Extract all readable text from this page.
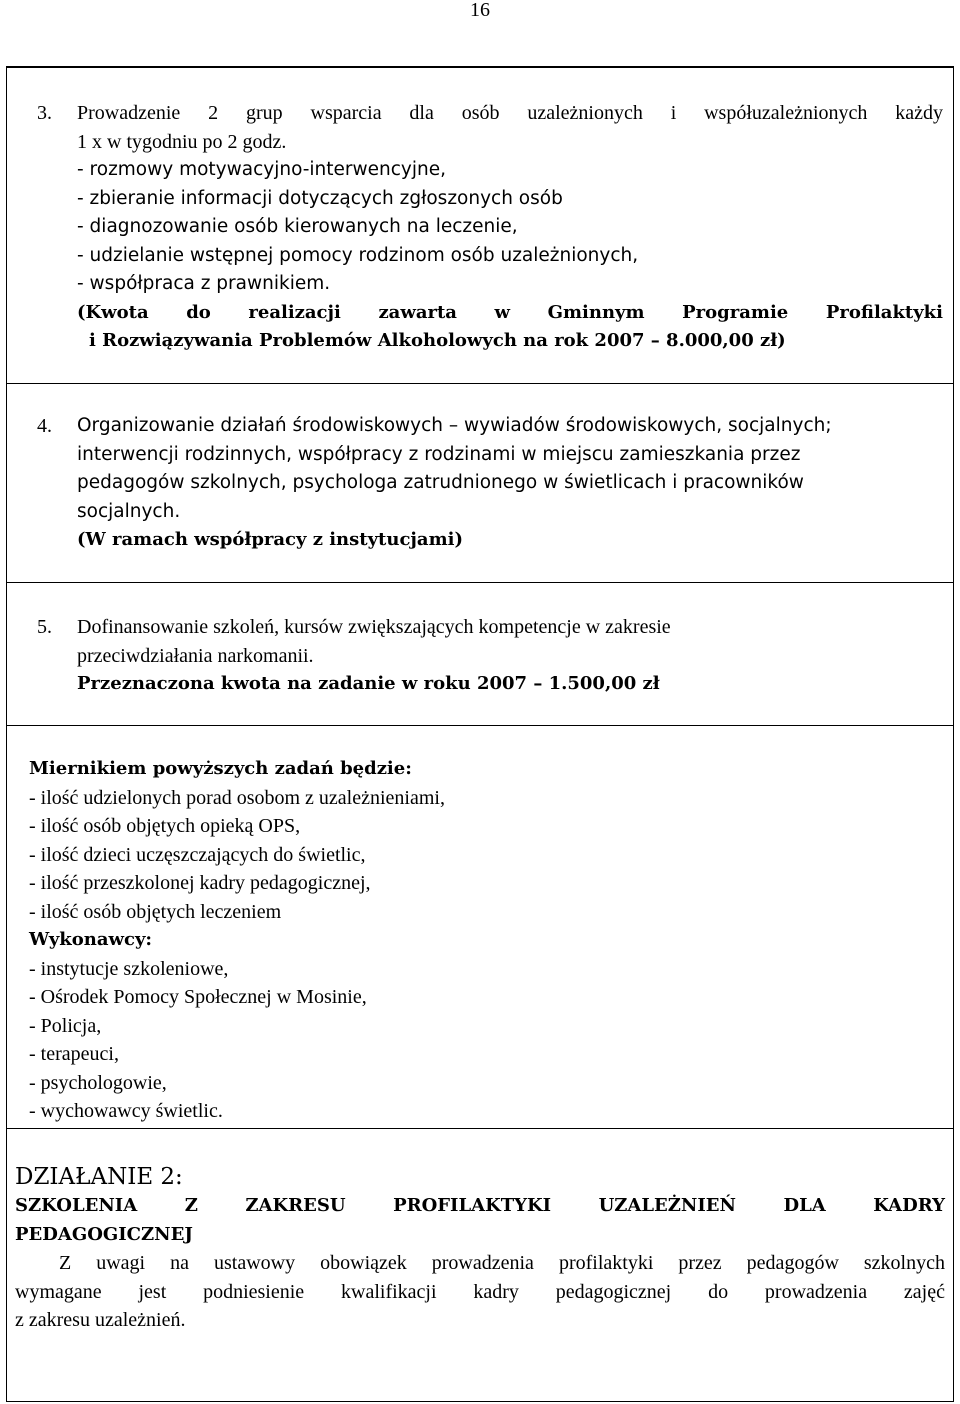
16
3. Prowadzenie 2 grup wsparcia dla osób uzależnionych i współuzależnionych każdy
1 x w tygodniu po 2 godz.
- rozmowy motywacyjno-interwencyjne,
- zbieranie informacji dotyczących zgłoszonych osób
- diagnozowanie osób kierowanych na leczenie,
- udzielanie wstępnej pomocy rodzinom osób uzależnionych,
- współpraca z prawnikiem.
(Kwota do realizacji zawarta w Gminnym Programie Profilaktyki
i Rozwiązywania Problemów Alkoholowych na rok 2007 – 8.000,00 zł)
4. Organizowanie działań środowiskowych – wywiadów środowiskowych, socjalnych;
interwencji rodzinnych, współpracy z rodzinami w miejscu zamieszkania przez
pedagogów szkolnych, psychologa zatrudnionego w świetlicach i pracowników
socjalnych.
(W ramach współpracy z instytucjami)
5. Dofinansowanie szkoleń, kursów zwiększających kompetencje w zakresie
przeciwdziałania narkomanii.
Przeznaczona kwota na zadanie w roku 2007 – 1.500,00 zł
Miernikiem powyższych zadań będzie:
- ilość udzielonych porad osobom z uzależnieniami,
- ilość osób objętych opieką OPS,
- ilość dzieci uczęszczających do świetlic,
- ilość przeszkolonej kadry pedagogicznej,
- ilość osób objętych leczeniem
Wykonawcy:
- instytucje szkoleniowe,
- Ośrodek Pomocy Społecznej w Mosinie,
- Policja,
- terapeuci,
- psychologowie,
- wychowawcy świetlic.
DZIAŁANIE 2:
SZKOLENIA Z ZAKRESU PROFILAKTYKI UZALEŻNIEŃ DLA KADRY
PEDAGOGICZNEJ
Z uwagi na ustawowy obowiązek prowadzenia profilaktyki przez pedagogów szkolnych
wymagane jest podniesienie kwalifikacji kadry pedagogicznej do prowadzenia zajęć
z zakresu uzależnień.
